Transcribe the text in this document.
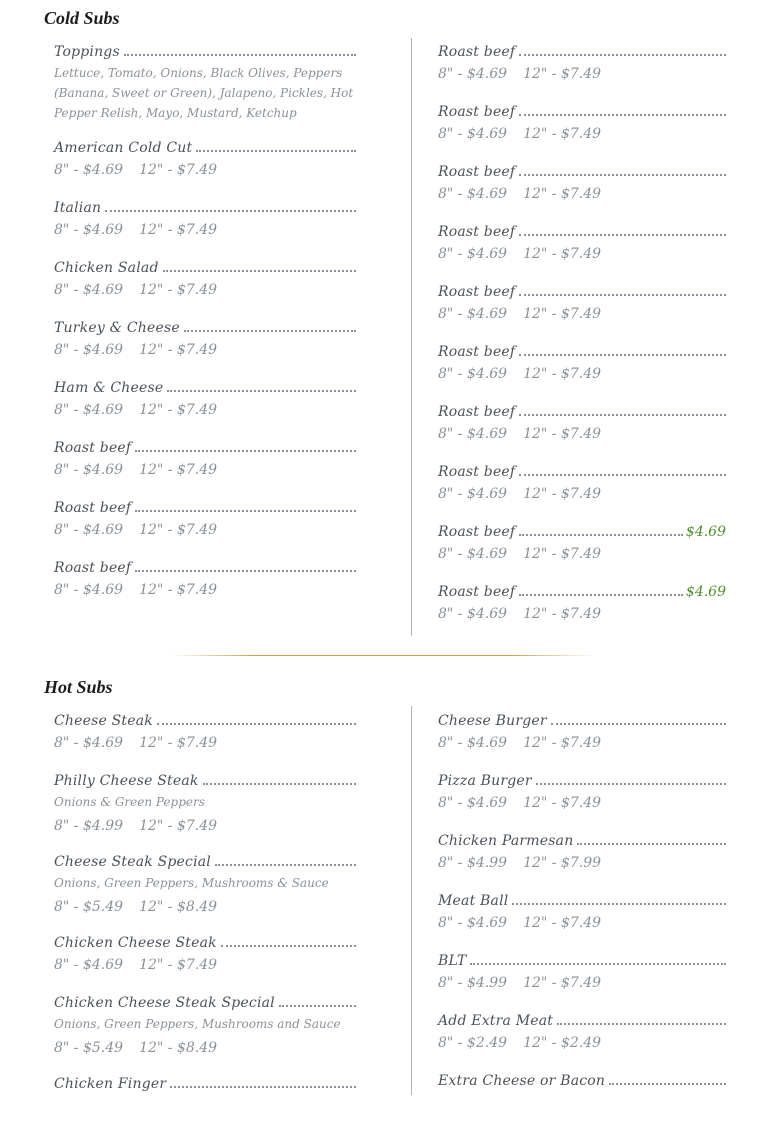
Cold Subs
Toppings
Lettuce, Tomato, Onions, Black Olives, Peppers (Banana, Sweet or Green), Jalapeno, Pickles, Hot Pepper Relish, Mayo, Mustard, Ketchup
American Cold Cut
8" - $4.69 12" - $7.49
Italian
8" - $4.69 12" - $7.49
Chicken Salad
8" - $4.69 12" - $7.49
Turkey & Cheese
8" - $4.69 12" - $7.49
Ham & Cheese
8" - $4.69 12" - $7.49
Roast beef
8" - $4.69 12" - $7.49
Roast beef
8" - $4.69 12" - $7.49
Roast beef
8" - $4.69 12" - $7.49
Roast beef
8" - $4.69 12" - $7.49
Roast beef
8" - $4.69 12" - $7.49
Roast beef
8" - $4.69 12" - $7.49
Roast beef
8" - $4.69 12" - $7.49
Roast beef
8" - $4.69 12" - $7.49
Roast beef
8" - $4.69 12" - $7.49
Roast beef
8" - $4.69 12" - $7.49
Roast beef
8" - $4.69 12" - $7.49
Roast beef	$4.69
8" - $4.69 12" - $7.49
Roast beef	$4.69
8" - $4.69 12" - $7.49
Hot Subs
Cheese Steak
8" - $4.69 12" - $7.49
Philly Cheese Steak
Onions & Green Peppers
8" - $4.99 12" - $7.49
Cheese Steak Special
Onions, Green Peppers, Mushrooms & Sauce
8" - $5.49 12" - $8.49
Chicken Cheese Steak
8" - $4.69 12" - $7.49
Chicken Cheese Steak Special
Onions, Green Peppers, Mushrooms and Sauce
8" - $5.49 12" - $8.49
Chicken Finger
Cheese Burger
8" - $4.69 12" - $7.49
Pizza Burger
8" - $4.69 12" - $7.49
Chicken Parmesan
8" - $4.99 12" - $7.99
Meat Ball
8" - $4.69 12" - $7.49
BLT
8" - $4.99 12" - $7.49
Add Extra Meat
8" - $2.49 12" - $2.49
Extra Cheese or Bacon
